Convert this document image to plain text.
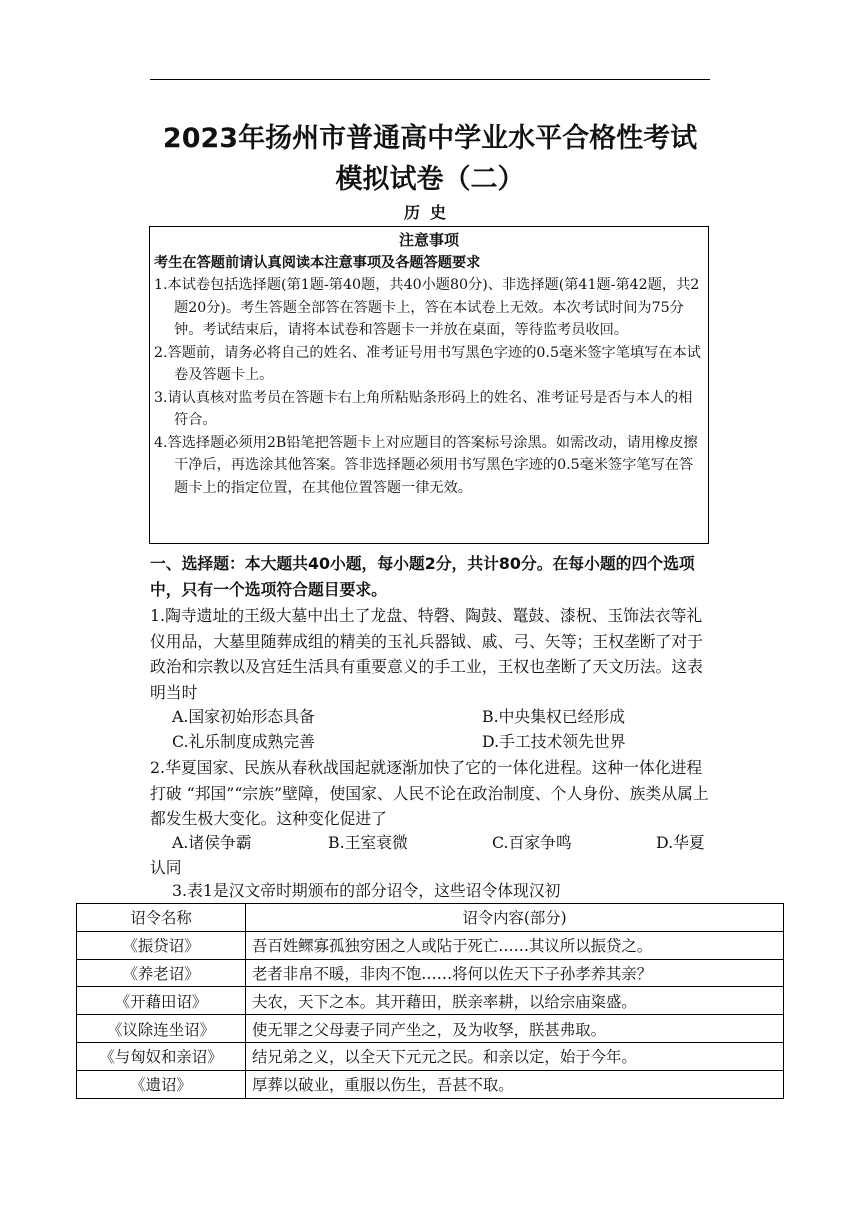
2023年扬州市普通高中学业水平合格性考试模拟试卷（二）
历史
注意事项
考生在答题前请认真阅读本注意事项及各题答题要求
1.本试卷包括选择题(第1题-第40题，共40小题80分)、非选择题(第41题-第42题，共2题20分)。考生答题全部答在答题卡上，答在本试卷上无效。本次考试时间为75分钟。考试结束后，请将本试卷和答题卡一并放在桌面，等待监考员收回。
2.答题前，请务必将自己的姓名、准考证号用书写黑色字迹的0.5毫米签字笔填写在本试卷及答题卡上。
3.请认真核对监考员在答题卡右上角所粘贴条形码上的姓名、准考证号是否与本人的相符合。
4.答选择题必须用2B铅笔把答题卡上对应题目的答案标号涂黑。如需改动，请用橡皮擦干净后，再选涂其他答案。答非选择题必须用书写黑色字迹的0.5毫米签字笔写在答题卡上的指定位置，在其他位置答题一律无效。
一、选择题：本大题共40小题，每小题2分，共计80分。在每小题的四个选项中，只有一个选项符合题目要求。
1.陶寺遗址的王级大墓中出土了龙盘、特磬、陶鼓、鼍鼓、漆柷、玉饰法衣等礼仪用品，大墓里随葬成组的精美的玉礼兵器钺、戚、弓、矢等；王权垄断了对于政治和宗教以及宫廷生活具有重要意义的手工业，王权也垄断了天文历法。这表明当时
A.国家初始形态具备	B.中央集权已经形成
C.礼乐制度成熟完善	D.手工技术领先世界
2.华夏国家、民族从春秋战国起就逐渐加快了它的一体化进程。这种一体化进程打破 “邦国”“宗族”壁障，使国家、人民不论在政治制度、个人身份、族类从属上都发生极大变化。这种变化促进了
A.诸侯争霸	B.王室衰微	C.百家争鸣	D.华夏
认同
3.表1是汉文帝时期颁布的部分诏令，这些诏令体现汉初
诏令名称	诏令内容(部分)
《振贷诏》	吾百姓鳏寡孤独穷困之人或阽于死亡……其议所以振贷之。
《养老诏》	老者非帛不暖，非肉不饱……将何以佐天下子孙孝养其亲？
《开藉田诏》	夫农，天下之本。其开藉田，朕亲率耕，以给宗庙粢盛。
《议除连坐诏》	使无罪之父母妻子同产坐之，及为收孥，朕甚弗取。
《与匈奴和亲诏》	结兄弟之义，以全天下元元之民。和亲以定，始于今年。
《遗诏》	厚葬以破业，重服以伤生，吾甚不取。
